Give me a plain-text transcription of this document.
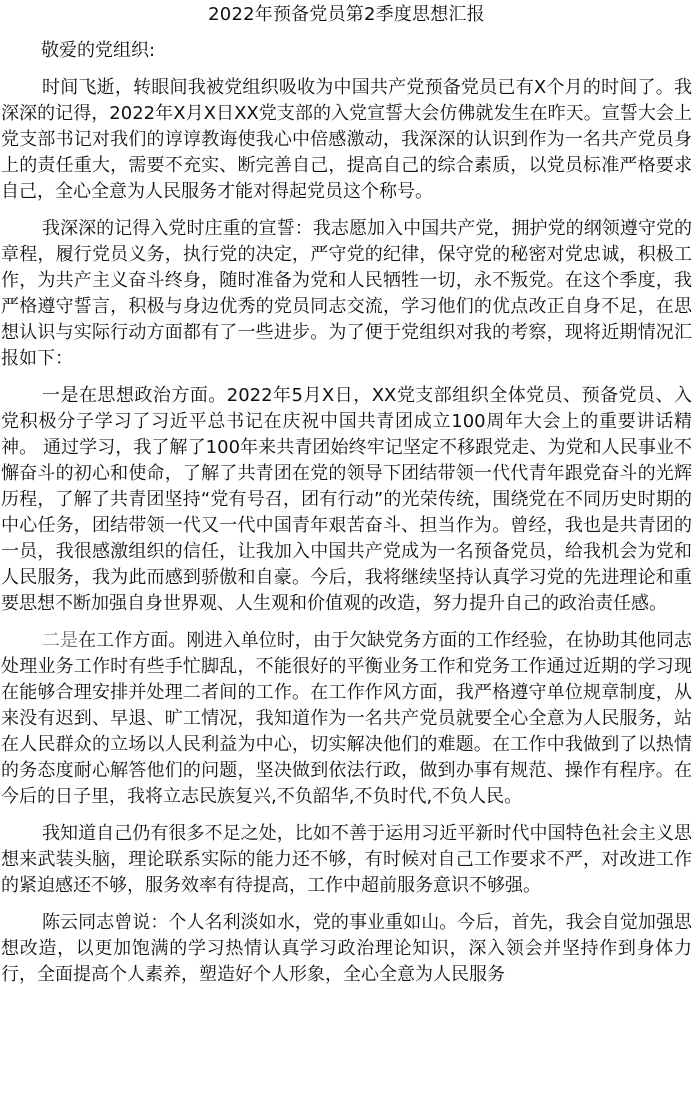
2022年预备党员第2季度思想汇报

敬爱的党组织:

时间飞逝，转眼间我被党组织吸收为中国共产党预备党员已有X个月的时间了。我深深的记得，2022年X月X日XX党支部的入党宣誓大会仿佛就发生在昨天。宣誓大会上党支部书记对我们的谆谆教诲使我心中倍感激动，我深深的认识到作为一名共产党员身上的责任重大，需要不充实、断完善自己，提高自己的综合素质，以党员标准严格要求自己，全心全意为人民服务才能对得起党员这个称号。

我深深的记得入党时庄重的宣誓：我志愿加入中国共产党，拥护党的纲领遵守党的章程，履行党员义务，执行党的决定，严守党的纪律，保守党的秘密对党忠诚，积极工作，为共产主义奋斗终身，随时准备为党和人民牺牲一切，永不叛党。在这个季度，我严格遵守誓言，积极与身边优秀的党员同志交流，学习他们的优点改正自身不足，在思想认识与实际行动方面都有了一些进步。为了便于党组织对我的考察，现将近期情况汇报如下：

一是在思想政治方面。2022年5月X日，XX党支部组织全体党员、预备党员、入党积极分子学习了习近平总书记在庆祝中国共青团成立100周年大会上的重要讲话精神。 通过学习，我了解了100年来共青团始终牢记坚定不移跟党走、为党和人民事业不懈奋斗的初心和使命，了解了共青团在党的领导下团结带领一代代青年跟党奋斗的光辉历程，了解了共青团坚持“党有号召，团有行动”的光荣传统，围绕党在不同历史时期的中心任务，团结带领一代又一代中国青年艰苦奋斗、担当作为。曾经，我也是共青团的一员，我很感激组织的信任，让我加入中国共产党成为一名预备党员，给我机会为党和人民服务，我为此而感到骄傲和自豪。今后，我将继续坚持认真学习党的先进理论和重要思想不断加强自身世界观、人生观和价值观的改造，努力提升自己的政治责任感。

二是在工作方面。刚进入单位时，由于欠缺党务方面的工作经验，在协助其他同志处理业务工作时有些手忙脚乱，不能很好的平衡业务工作和党务工作通过近期的学习现在能够合理安排并处理二者间的工作。在工作作风方面，我严格遵守单位规章制度，从来没有迟到、早退、旷工情况，我知道作为一名共产党员就要全心全意为人民服务，站在人民群众的立场以人民利益为中心，切实解决他们的难题。在工作中我做到了以热情的务态度耐心解答他们的问题，坚决做到依法行政，做到办事有规范、操作有程序。在今后的日子里，我将立志民族复兴,不负韶华,不负时代,不负人民。

我知道自己仍有很多不足之处，比如不善于运用习近平新时代中国特色社会主义思想来武装头脑，理论联系实际的能力还不够，有时候对自己工作要求不严，对改进工作的紧迫感还不够，服务效率有待提高，工作中超前服务意识不够强。

陈云同志曾说：个人名利淡如水，党的事业重如山。今后，首先，我会自觉加强思想改造，以更加饱满的学习热情认真学习政治理论知识，深入领会并坚持作到身体力行，全面提高个人素养，塑造好个人形象，全心全意为人民服务
